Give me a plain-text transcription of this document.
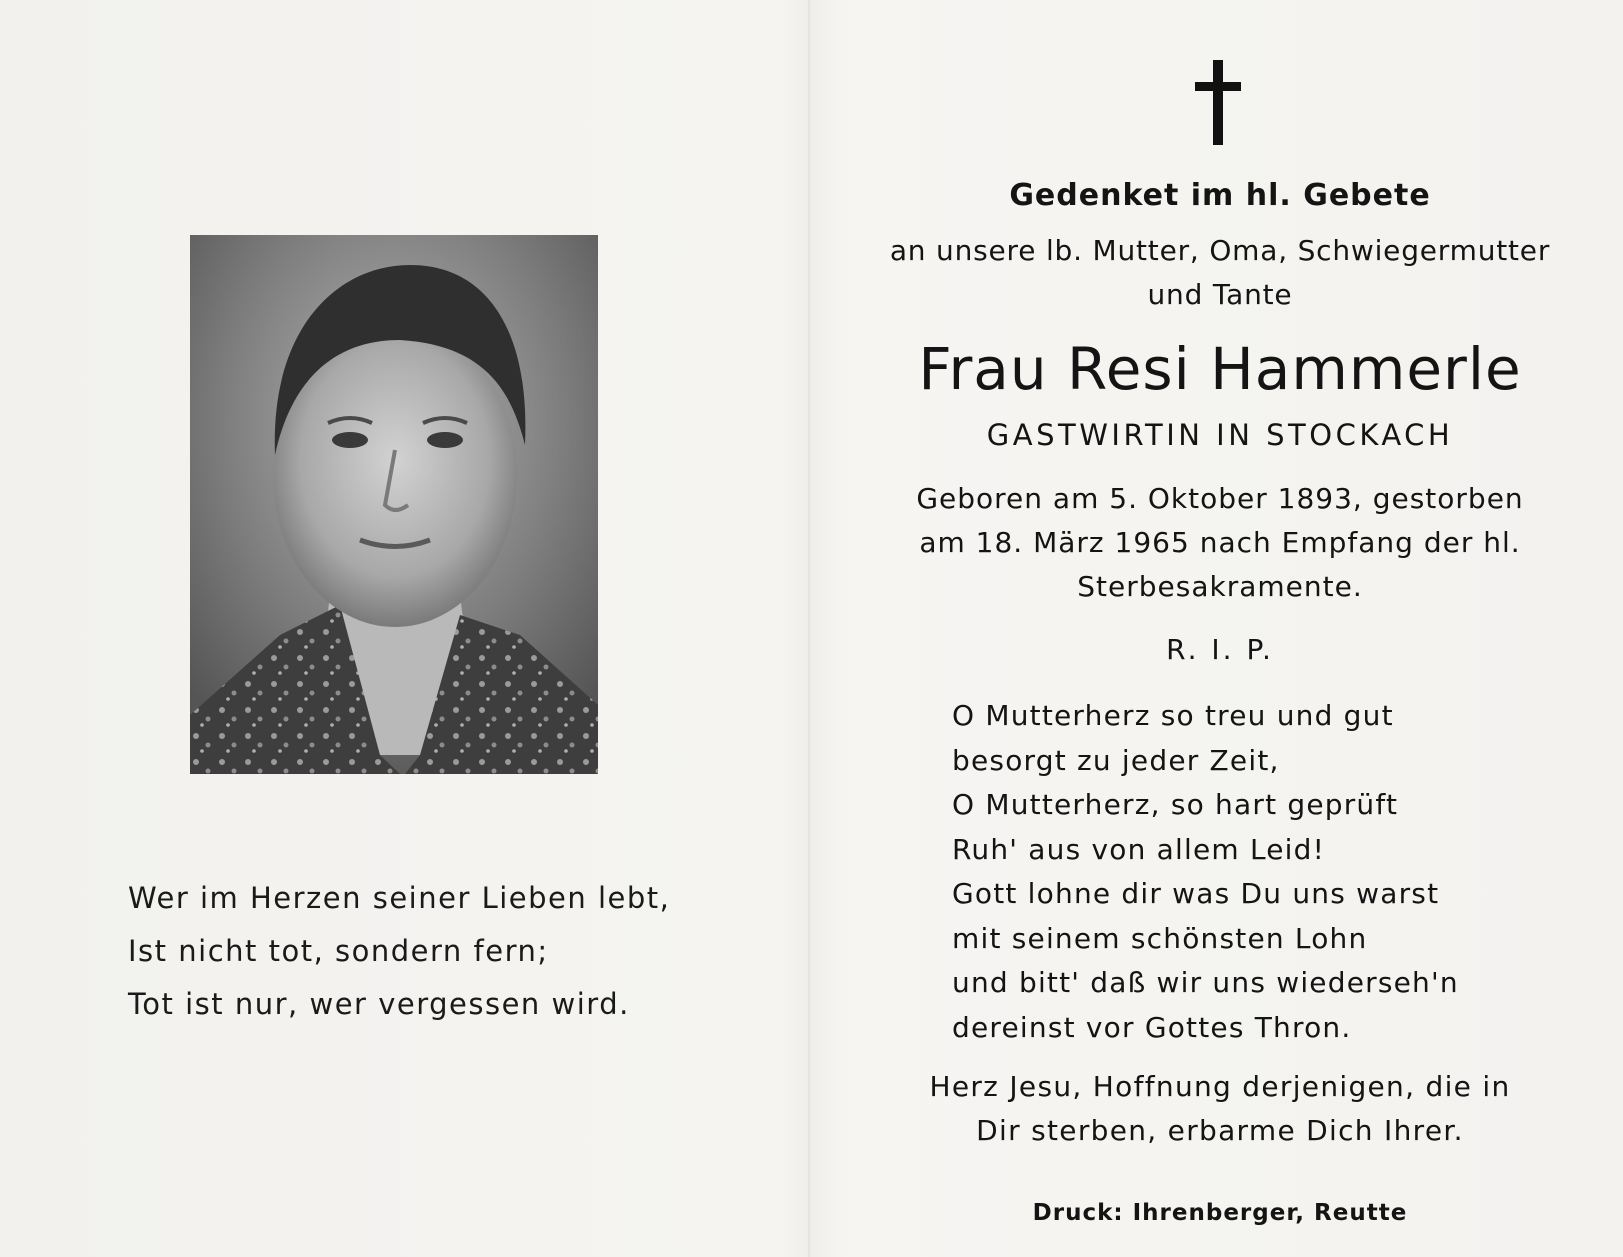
Wer im Herzen seiner Lieben lebt,
Ist nicht tot, sondern fern;
Tot ist nur, wer vergessen wird.
Gedenket im hl. Gebete
an unsere lb. Mutter, Oma, Schwiegermutter
und Tante
Frau Resi Hammerle
GASTWIRTIN IN STOCKACH
Geboren am 5. Oktober 1893, gestorben
am 18. März 1965 nach Empfang der hl.
Sterbesakramente.
R. I. P.
O Mutterherz so treu und gut
besorgt zu jeder Zeit,
O Mutterherz, so hart geprüft
Ruh' aus von allem Leid!
Gott lohne dir was Du uns warst
mit seinem schönsten Lohn
und bitt' daß wir uns wiederseh'n
dereinst vor Gottes Thron.
Herz Jesu, Hoffnung derjenigen, die in
Dir sterben, erbarme Dich Ihrer.
Druck: Ihrenberger, Reutte
